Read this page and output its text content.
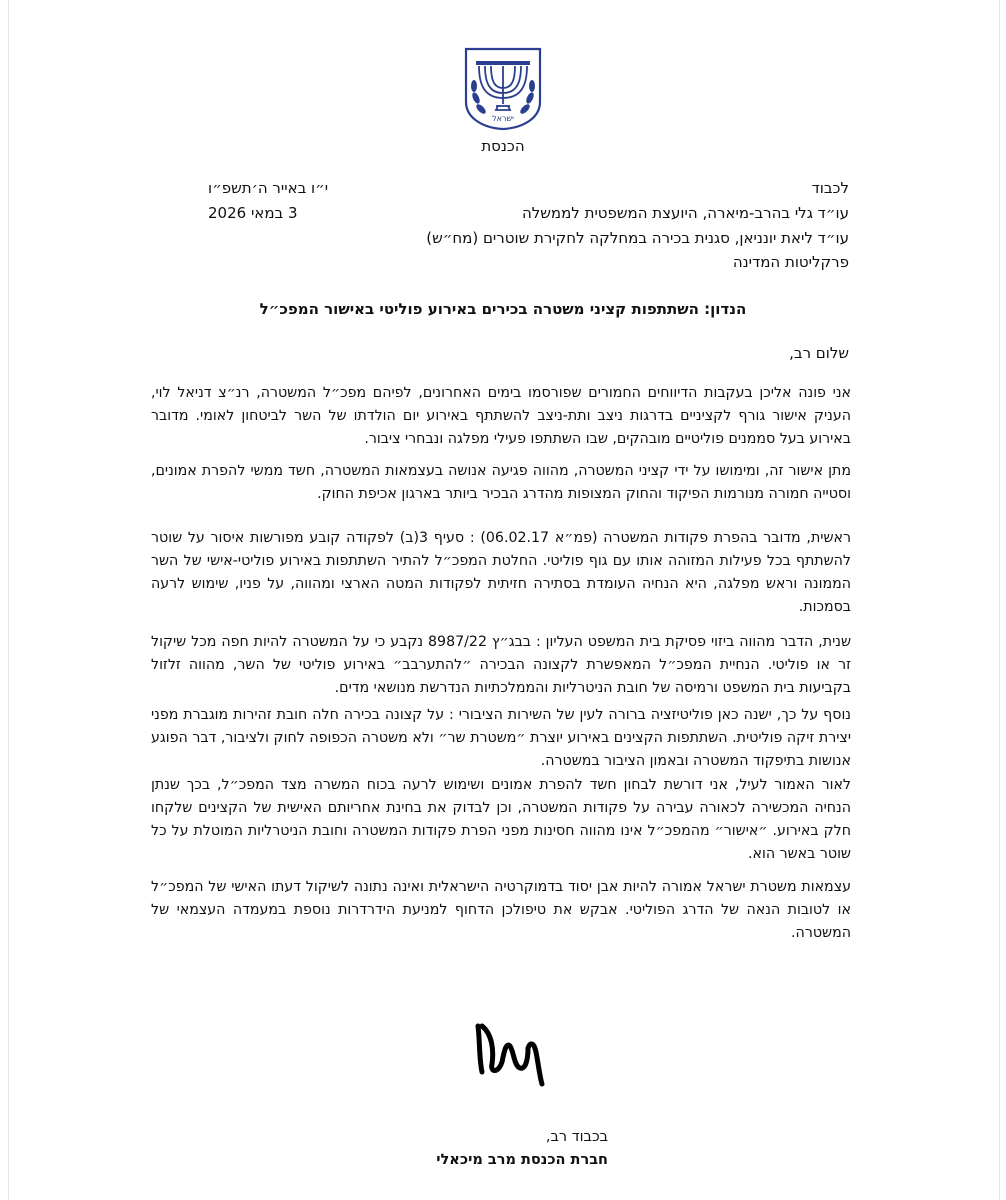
ישראל
הכנסת
לכבוד
עו״ד גלי בהרב-מיארה, היועצת המשפטית לממשלה
עו״ד ליאת יונניאן, סגנית בכירה במחלקה לחקירת שוטרים (מח״ש)
פרקליטות המדינה
י״ו באייר ה׳תשפ״ו
3 במאי 2026
הנדון: השתתפות קציני משטרה בכירים באירוע פוליטי באישור המפכ״ל
שלום רב,
אני פונה אליכן בעקבות הדיווחים החמורים שפורסמו בימים האחרונים, לפיהם מפכ״ל המשטרה, רנ״צ דניאל לוי, העניק אישור גורף לקציניים בדרגות ניצב ותת-ניצב להשתתף באירוע יום הולדתו של השר לביטחון לאומי. מדובר באירוע בעל סממנים פוליטיים מובהקים, שבו השתתפו פעילי מפלגה ונבחרי ציבור.
מתן אישור זה, ומימושו על ידי קציני המשטרה, מהווה פגיעה אנושה בעצמאות המשטרה, חשד ממשי להפרת אמונים, וסטייה חמורה מנורמות הפיקוד והחוק המצופות מהדרג הבכיר ביותר בארגון אכיפת החוק.
ראשית, מדובר בהפרת פקודות המשטרה (פמ״א 06.02.17) : סעיף 3(ב) לפקודה קובע מפורשות איסור על שוטר להשתתף בכל פעילות המזוהה אותו עם גוף פוליטי. החלטת המפכ״ל להתיר השתתפות באירוע פוליטי-אישי של השר הממונה וראש מפלגה, היא הנחיה העומדת בסתירה חזיתית לפקודות המטה הארצי ומהווה, על פניו, שימוש לרעה בסמכות.
שנית, הדבר מהווה ביזוי פסיקת בית המשפט העליון : בבג״ץ 8987/22 נקבע כי על המשטרה להיות חפה מכל שיקול זר או פוליטי. הנחיית המפכ״ל המאפשרת לקצונה הבכירה ״להתערבב״ באירוע פוליטי של השר, מהווה זלזול בקביעות בית המשפט ורמיסה של חובת הניטרליות והממלכתיות הנדרשת מנושאי מדים.
נוסף על כך, ישנה כאן פוליטיזציה ברורה לעין של השירות הציבורי : על קצונה בכירה חלה חובת זהירות מוגברת מפני יצירת זיקה פוליטית. השתתפות הקצינים באירוע יוצרת ״משטרת שר״ ולא משטרה הכפופה לחוק ולציבור, דבר הפוגע אנושות בתיפקוד המשטרה ובאמון הציבור במשטרה.
לאור האמור לעיל, אני דורשת לבחון חשד להפרת אמונים ושימוש לרעה בכוח המשרה מצד המפכ״ל, בכך שנתן הנחיה המכשירה לכאורה עבירה על פקודות המשטרה, וכן לבדוק את בחינת אחריותם האישית של הקצינים שלקחו חלק באירוע. ״אישור״ מהמפכ״ל אינו מהווה חסינות מפני הפרת פקודות המשטרה וחובת הניטרליות המוטלת על כל שוטר באשר הוא.
עצמאות משטרת ישראל אמורה להיות אבן יסוד בדמוקרטיה הישראלית ואינה נתונה לשיקול דעתו האישי של המפכ״ל או לטובות הנאה של הדרג הפוליטי. אבקש את טיפולכן הדחוף למניעת הידרדרות נוספת במעמדה העצמאי של המשטרה.
בכבוד רב,
חברת הכנסת מרב מיכאלי
